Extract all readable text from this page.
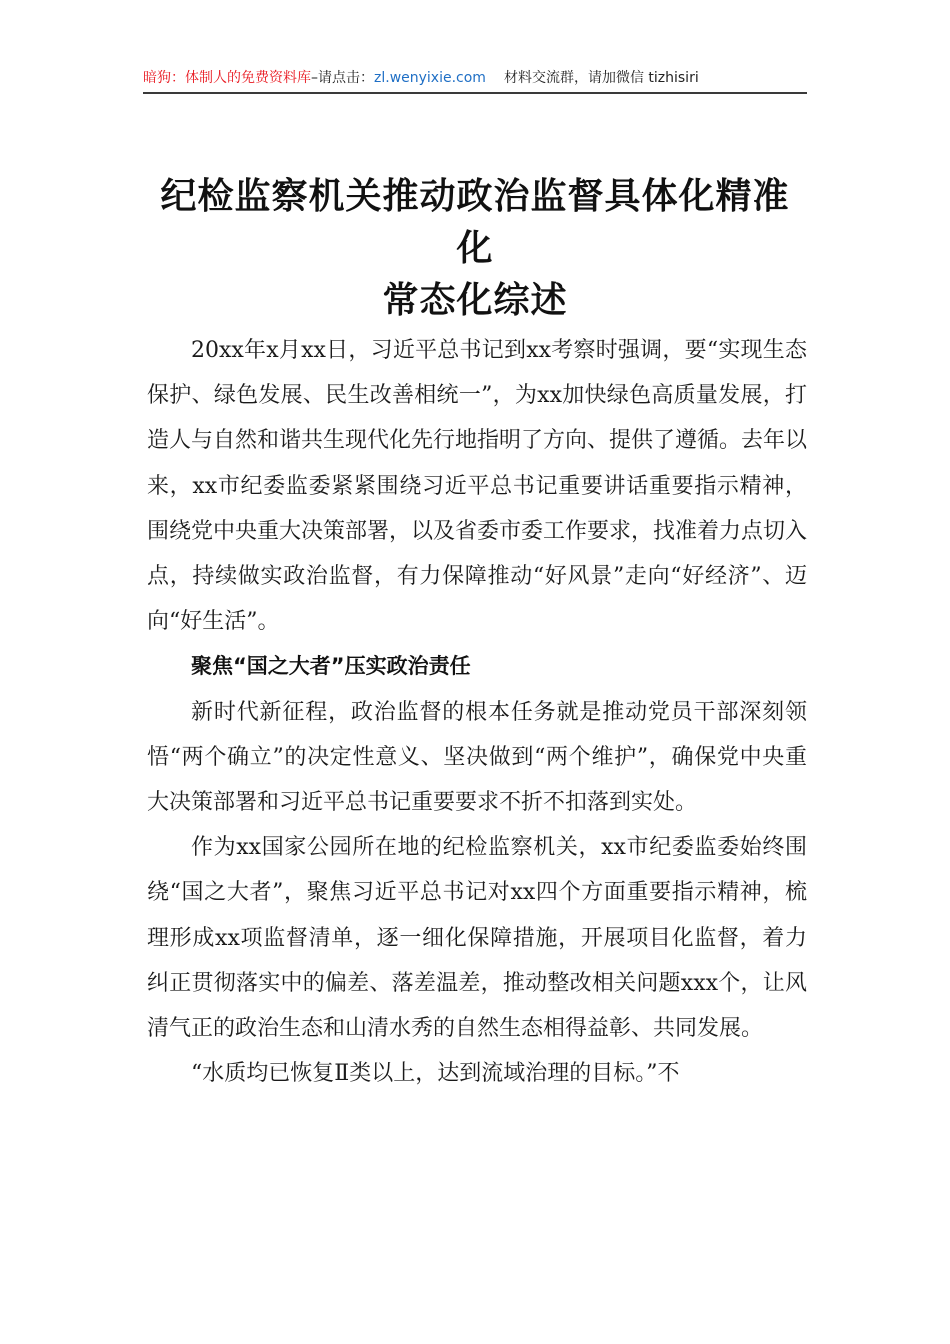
暗狗：体制人的免费资料库–请点击：zl.wenyixie.com 材料交流群，请加微信 tizhisiri
纪检监察机关推动政治监督具体化精准化
常态化综述

20xx年x月xx日，习近平总书记到xx考察时强调，要“实现生态保护、绿色发展、民生改善相统一”，为xx加快绿色高质量发展，打造人与自然和谐共生现代化先行地指明了方向、提供了遵循。去年以来，xx市纪委监委紧紧围绕习近平总书记重要讲话重要指示精神，围绕党中央重大决策部署，以及省委市委工作要求，找准着力点切入点，持续做实政治监督，有力保障推动“好风景”走向“好经济”、迈向“好生活”。

聚焦“国之大者”压实政治责任

新时代新征程，政治监督的根本任务就是推动党员干部深刻领悟“两个确立”的决定性意义、坚决做到“两个维护”，确保党中央重大决策部署和习近平总书记重要要求不折不扣落到实处。

作为xx国家公园所在地的纪检监察机关，xx市纪委监委始终围绕“国之大者”，聚焦习近平总书记对xx四个方面重要指示精神，梳理形成xx项监督清单，逐一细化保障措施，开展项目化监督，着力纠正贯彻落实中的偏差、落差温差，推动整改相关问题xxx个，让风清气正的政治生态和山清水秀的自然生态相得益彰、共同发展。

“水质均已恢复Ⅱ类以上，达到流域治理的目标。”不
